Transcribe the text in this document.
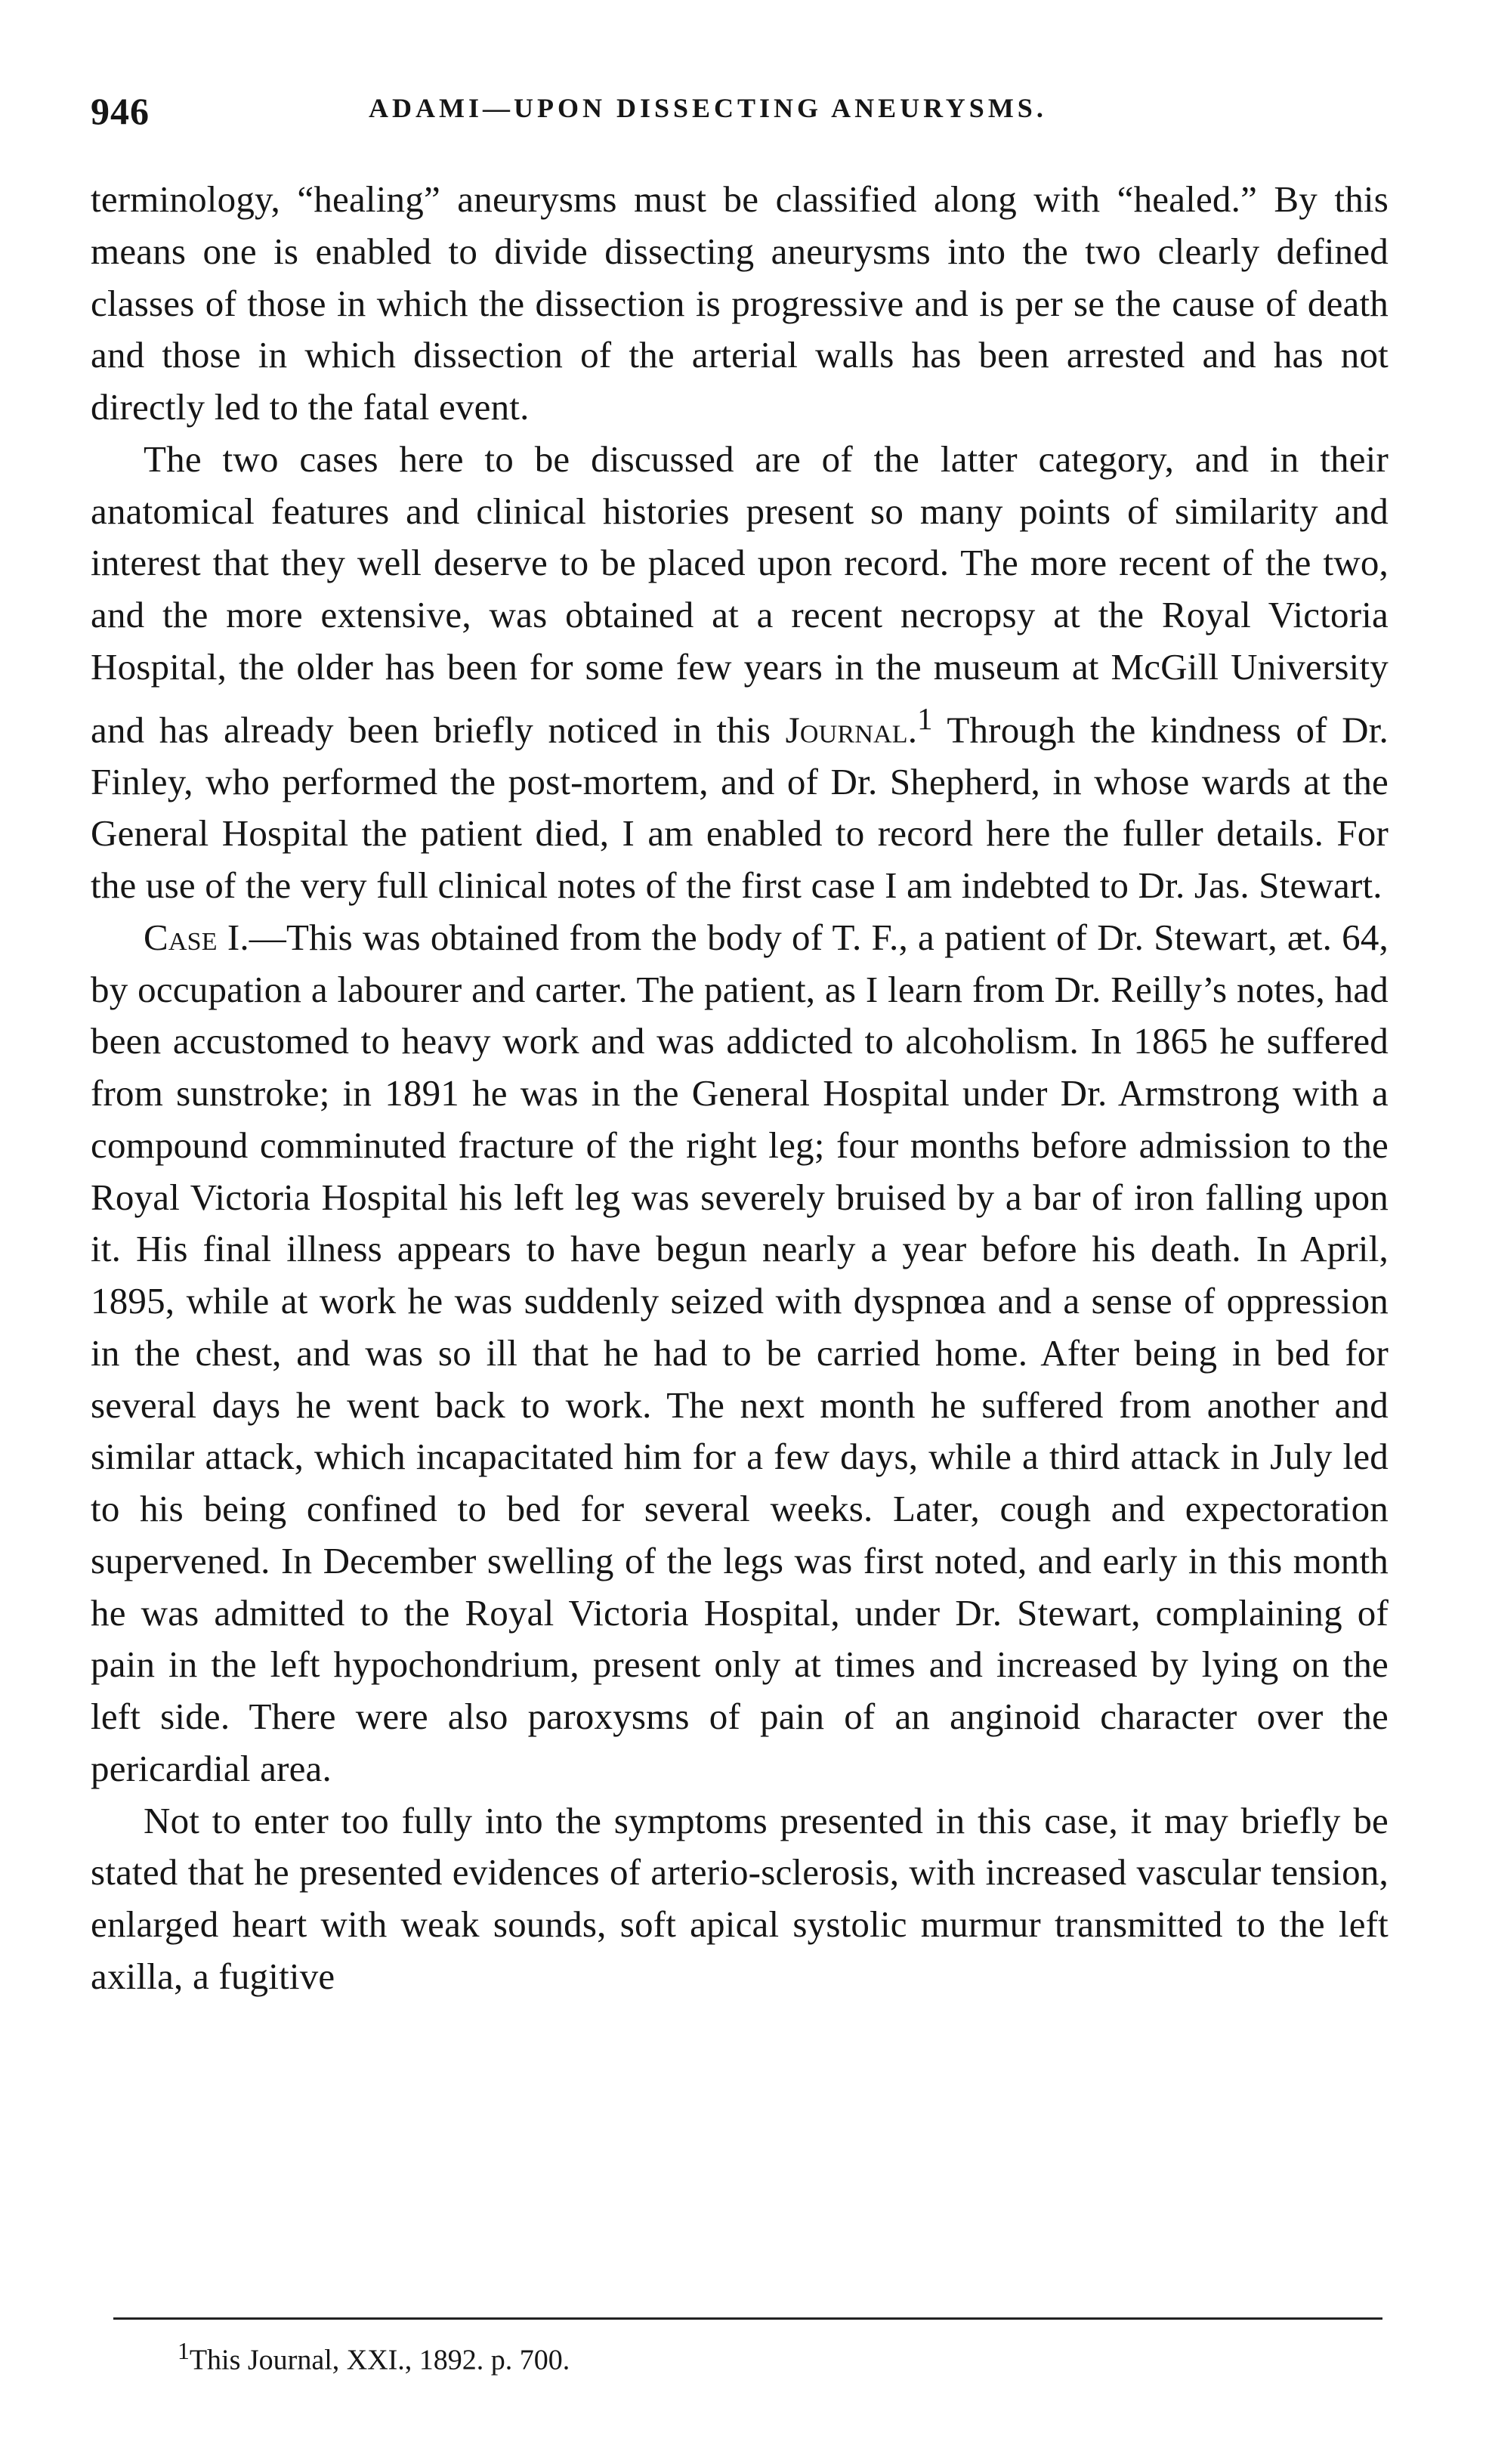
946	ADAMI—UPON DISSECTING ANEURYSMS.

terminology, “healing” aneurysms must be classified along with “healed.” By this means one is enabled to divide dissecting aneurysms into the two clearly defined classes of those in which the dissection is progressive and is per se the cause of death and those in which dissection of the arterial walls has been arrested and has not directly led to the fatal event.

The two cases here to be discussed are of the latter category, and in their anatomical features and clinical histories present so many points of similarity and interest that they well deserve to be placed upon record. The more recent of the two, and the more extensive, was obtained at a recent necropsy at the Royal Victoria Hospital, the older has been for some few years in the museum at McGill University and has already been briefly noticed in this Journal.$^1$ Through the kindness of Dr. Finley, who performed the post-mortem, and of Dr. Shepherd, in whose wards at the General Hospital the patient died, I am enabled to record here the fuller details. For the use of the very full clinical notes of the first case I am indebted to Dr. Jas. Stewart.

Case I.—This was obtained from the body of T. F., a patient of Dr. Stewart, æt. 64, by occupation a labourer and carter. The patient, as I learn from Dr. Reilly’s notes, had been accustomed to heavy work and was addicted to alcoholism. In 1865 he suffered from sunstroke; in 1891 he was in the General Hospital under Dr. Armstrong with a compound comminuted fracture of the right leg; four months before admission to the Royal Victoria Hospital his left leg was severely bruised by a bar of iron falling upon it. His final illness appears to have begun nearly a year before his death. In April, 1895, while at work he was suddenly seized with dyspnœa and a sense of oppression in the chest, and was so ill that he had to be carried home. After being in bed for several days he went back to work. The next month he suffered from another and similar attack, which incapacitated him for a few days, while a third attack in July led to his being confined to bed for several weeks. Later, cough and expectoration supervened. In December swelling of the legs was first noted, and early in this month he was admitted to the Royal Victoria Hospital, under Dr. Stewart, complaining of pain in the left hypochondrium, present only at times and increased by lying on the left side. There were also paroxysms of pain of an anginoid character over the pericardial area.

Not to enter too fully into the symptoms presented in this case, it may briefly be stated that he presented evidences of arterio-sclerosis, with increased vascular tension, enlarged heart with weak sounds, soft apical systolic murmur transmitted to the left axilla, a fugitive

$^1$This Journal, XXI., 1892. p. 700.
